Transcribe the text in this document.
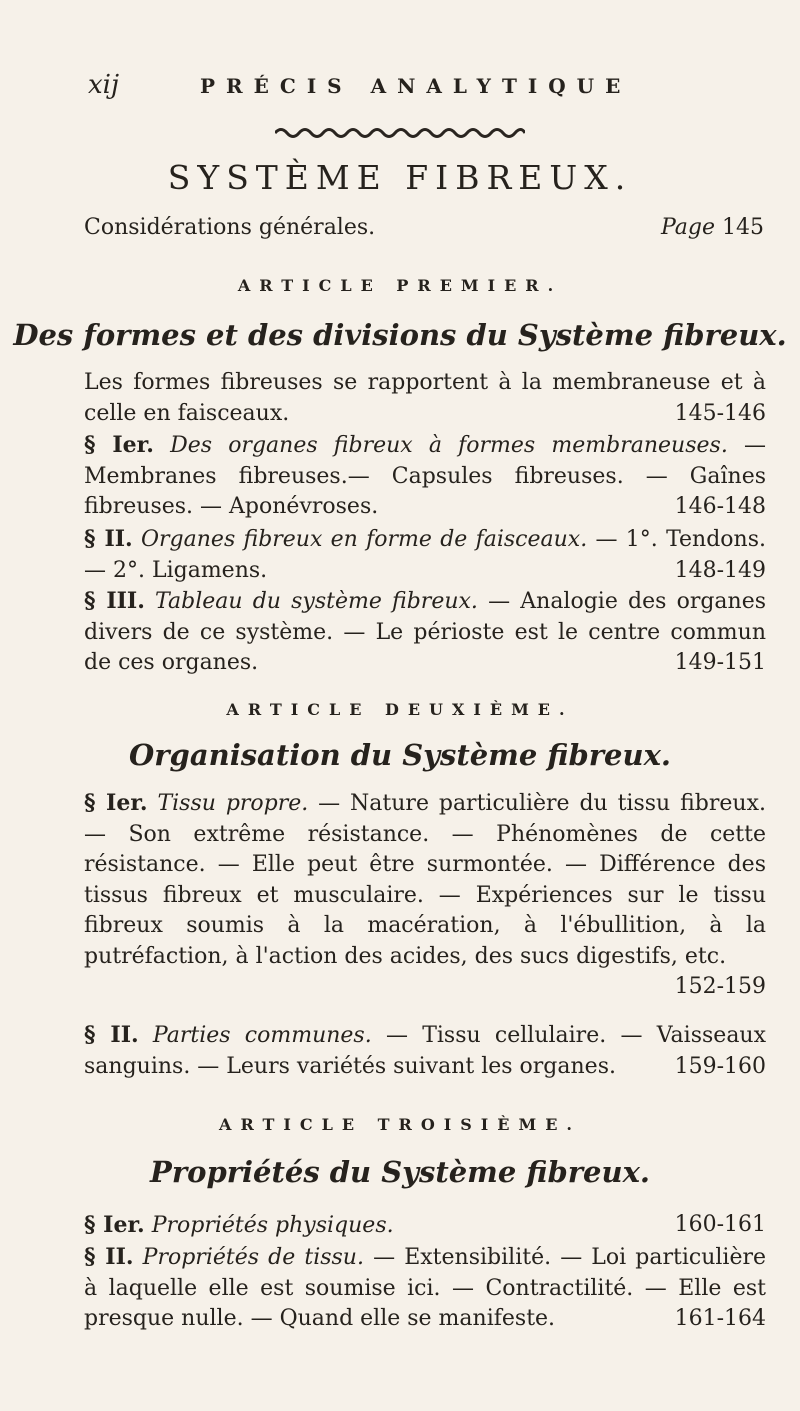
xij	PRÉCIS ANALYTIQUE
SYSTÈME FIBREUX.
Considérations générales.	Page 145
ARTICLE PREMIER.
Des formes et des divisions du Système fibreux.
Les formes fibreuses se rapportent à la membraneuse et à celle en faisceaux.	145-146
§ Ier. Des organes fibreux à formes membraneuses. — Membranes fibreuses.— Capsules fibreuses. — Gaînes fibreuses. — Aponévroses.	146-148
§ II. Organes fibreux en forme de faisceaux. — 1°. Tendons. — 2°. Ligamens.	148-149
§ III. Tableau du système fibreux. — Analogie des organes divers de ce système. — Le périoste est le centre commun de ces organes.	149-151
ARTICLE DEUXIÈME.
Organisation du Système fibreux.
§ Ier. Tissu propre. — Nature particulière du tissu fibreux. — Son extrême résistance. — Phénomènes de cette résistance. — Elle peut être surmontée. — Différence des tissus fibreux et musculaire. — Expériences sur le tissu fibreux soumis à la macération, à l'ébullition, à la putréfaction, à l'action des acides, des sucs digestifs, etc.
152-159
§ II. Parties communes. — Tissu cellulaire. — Vaisseaux sanguins. — Leurs variétés suivant les organes.	159-160
ARTICLE TROISIÈME.
Propriétés du Système fibreux.
§ Ier. Propriétés physiques.	160-161
§ II. Propriétés de tissu. — Extensibilité. — Loi particulière à laquelle elle est soumise ici. — Contractilité. — Elle est presque nulle. — Quand elle se manifeste.	161-164
